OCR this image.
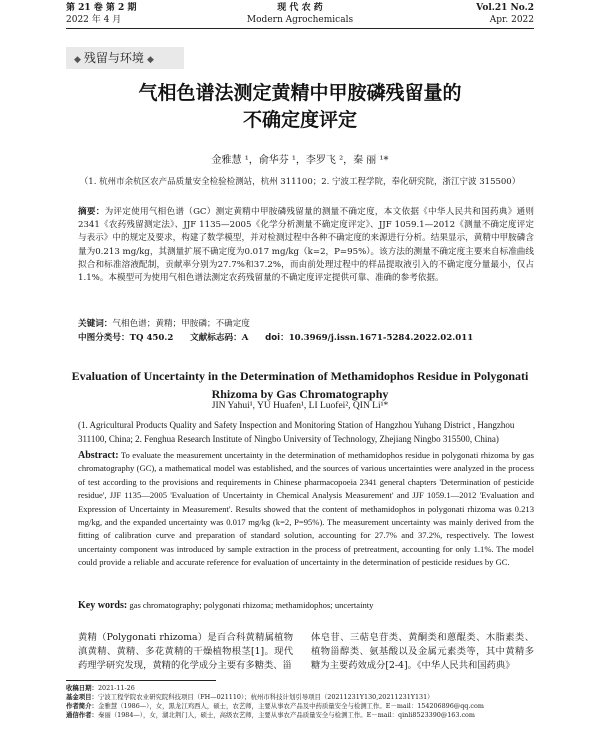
第 21 卷 第 2 期	现 代 农 药	Vol.21 No.2
2022 年 4 月	Modern Agrochemicals	Apr. 2022
◆ 残留与环境 ◆
气相色谱法测定黄精中甲胺磷残留量的
不确定度评定
金雅慧 ¹，俞华芬 ¹，李罗飞 ²，秦 丽 ¹*
（1. 杭州市余杭区农产品质量安全检验检测站，杭州 311100；2. 宁波工程学院，奉化研究院，浙江宁波 315500）
摘要：为评定使用气相色谱（GC）测定黄精中甲胺磷残留量的测量不确定度，本文依据《中华人民共和国药典》通则2341《农药残留测定法》、JJF 1135—2005《化学分析测量不确定度评定》、JJF 1059.1—2012《测量不确定度评定与表示》中的规定及要求，构建了数学模型，并对检测过程中各种不确定度的来源进行分析。结果显示，黄精中甲胺磷含量为0.213 mg/kg，其测量扩展不确定度为0.017 mg/kg（k=2，P=95%）。该方法的测量不确定度主要来自标准曲线拟合和标准溶液配制，贡献率分别为27.7%和37.2%，而由前处理过程中的样品提取液引入的不确定度分量最小，仅占1.1%。本模型可为使用气相色谱法测定农药残留量的不确定度评定提供可靠、准确的参考依据。
关键词：气相色谱；黄精；甲胺磷；不确定度
中图分类号：TQ 450.2 文献标志码：A doi：10.3969/j.issn.1671-5284.2022.02.011
Evaluation of Uncertainty in the Determination of Methamidophos Residue in Polygonati
Rhizoma by Gas Chromatography
JIN Yahui¹, YU Huafen¹, LI Luofei², QIN Li¹*
(1. Agricultural Products Quality and Safety Inspection and Monitoring Station of Hangzhou Yuhang District , Hangzhou 311100, China; 2. Fenghua Research Institute of Ningbo University of Technology, Zhejiang Ningbo 315500, China)
Abstract: To evaluate the measurement uncertainty in the determination of methamidophos residue in polygonati rhizoma by gas chromatography (GC), a mathematical model was established, and the sources of various uncertainties were analyzed in the process of test according to the provisions and requirements in Chinese pharmacopoeia 2341 general chapters 'Determination of pesticide residue', JJF 1135—2005 'Evaluation of Uncertainty in Chemical Analysis Measurement' and JJF 1059.1—2012 'Evaluation and Expression of Uncertainty in Measurement'. Results showed that the content of methamidophos in polygonati rhizoma was 0.213 mg/kg, and the expanded uncertainty was 0.017 mg/kg (k=2, P=95%). The measurement uncertainty was mainly derived from the fitting of calibration curve and preparation of standard solution, accounting for 27.7% and 37.2%, respectively. The lowest uncertainty component was introduced by sample extraction in the process of pretreatment, accounting for only 1.1%. The model could provide a reliable and accurate reference for evaluation of uncertainty in the determination of pesticide residues by GC.
Key words: gas chromatography; polygonati rhizoma; methamidophos; uncertainty
黄精（Polygonati rhizoma）是百合科黄精属植物滇黄精、黄精、多花黄精的干燥植物根茎[1]。现代药理学研究发现，黄精的化学成分主要有多糖类、甾
体皂苷、三萜皂苷类、黄酮类和蒽醌类、木脂素类、植物甾醇类、氨基酸以及金属元素类等，其中黄精多糖为主要药效成分[2-4]。《中华人民共和国药典》
收稿日期：2021-11-26
基金项目：宁波工程学院农业研究院科技项目（FH—021110）；杭州市科技计划引导项目（20211231Y130,20211231Y131）
作者简介：金雅慧（1986—），女，黑龙江鸡西人，硕士，农艺师，主要从事农产品及中药质量安全与检测工作。E－mail：154206896@qq.com
通信作者：秦丽（1984—），女，湖北荆门人，硕士，高级农艺师，主要从事农产品质量安全与检测工作。E－mail：qinli8523390@163.com
